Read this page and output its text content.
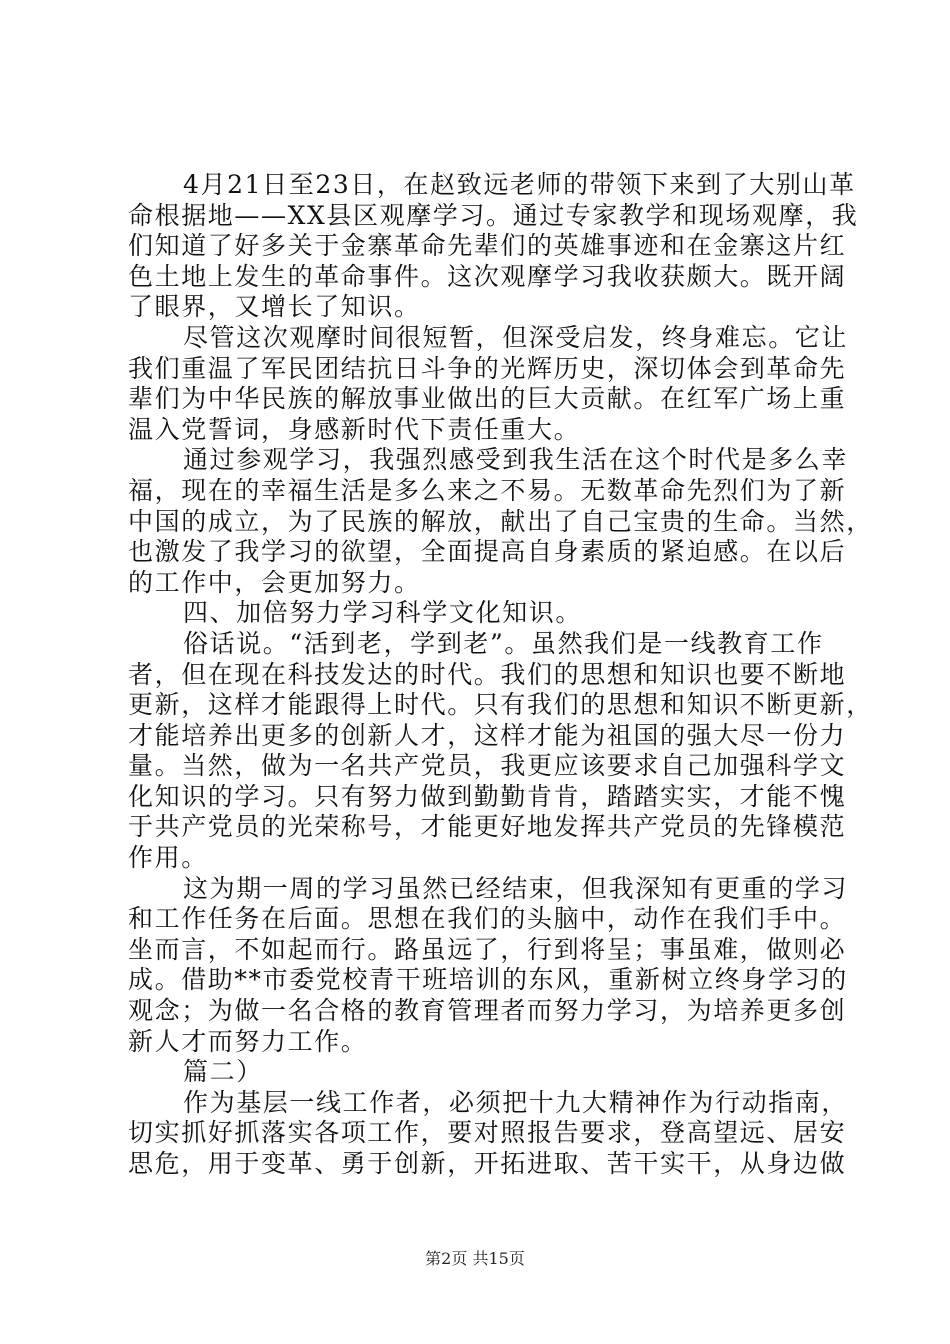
4月21日至23日，在赵致远老师的带领下来到了大别山革
命根据地——XX县区观摩学习。通过专家教学和现场观摩，我
们知道了好多关于金寨革命先辈们的英雄事迹和在金寨这片红
色土地上发生的革命事件。这次观摩学习我收获颇大。既开阔
了眼界，又增长了知识。
尽管这次观摩时间很短暂，但深受启发，终身难忘。它让
我们重温了军民团结抗日斗争的光辉历史，深切体会到革命先
辈们为中华民族的解放事业做出的巨大贡献。在红军广场上重
温入党誓词，身感新时代下责任重大。
通过参观学习，我强烈感受到我生活在这个时代是多么幸
福，现在的幸福生活是多么来之不易。无数革命先烈们为了新
中国的成立，为了民族的解放，献出了自己宝贵的生命。当然，
也激发了我学习的欲望，全面提高自身素质的紧迫感。在以后
的工作中，会更加努力。
四、加倍努力学习科学文化知识。
俗话说。“活到老，学到老”。虽然我们是一线教育工作
者，但在现在科技发达的时代。我们的思想和知识也要不断地
更新，这样才能跟得上时代。只有我们的思想和知识不断更新，
才能培养出更多的创新人才，这样才能为祖国的强大尽一份力
量。当然，做为一名共产党员，我更应该要求自己加强科学文
化知识的学习。只有努力做到勤勤肯肯，踏踏实实，才能不愧
于共产党员的光荣称号，才能更好地发挥共产党员的先锋模范
作用。
这为期一周的学习虽然已经结束，但我深知有更重的学习
和工作任务在后面。思想在我们的头脑中，动作在我们手中。
坐而言，不如起而行。路虽远了，行到将呈；事虽难，做则必
成。借助**市委党校青干班培训的东风，重新树立终身学习的
观念；为做一名合格的教育管理者而努力学习，为培养更多创
新人才而努力工作。
篇二）
作为基层一线工作者，必须把十九大精神作为行动指南，
切实抓好抓落实各项工作，要对照报告要求，登高望远、居安
思危，用于变革、勇于创新，开拓进取、苦干实干，从身边做
第2页 共15页
